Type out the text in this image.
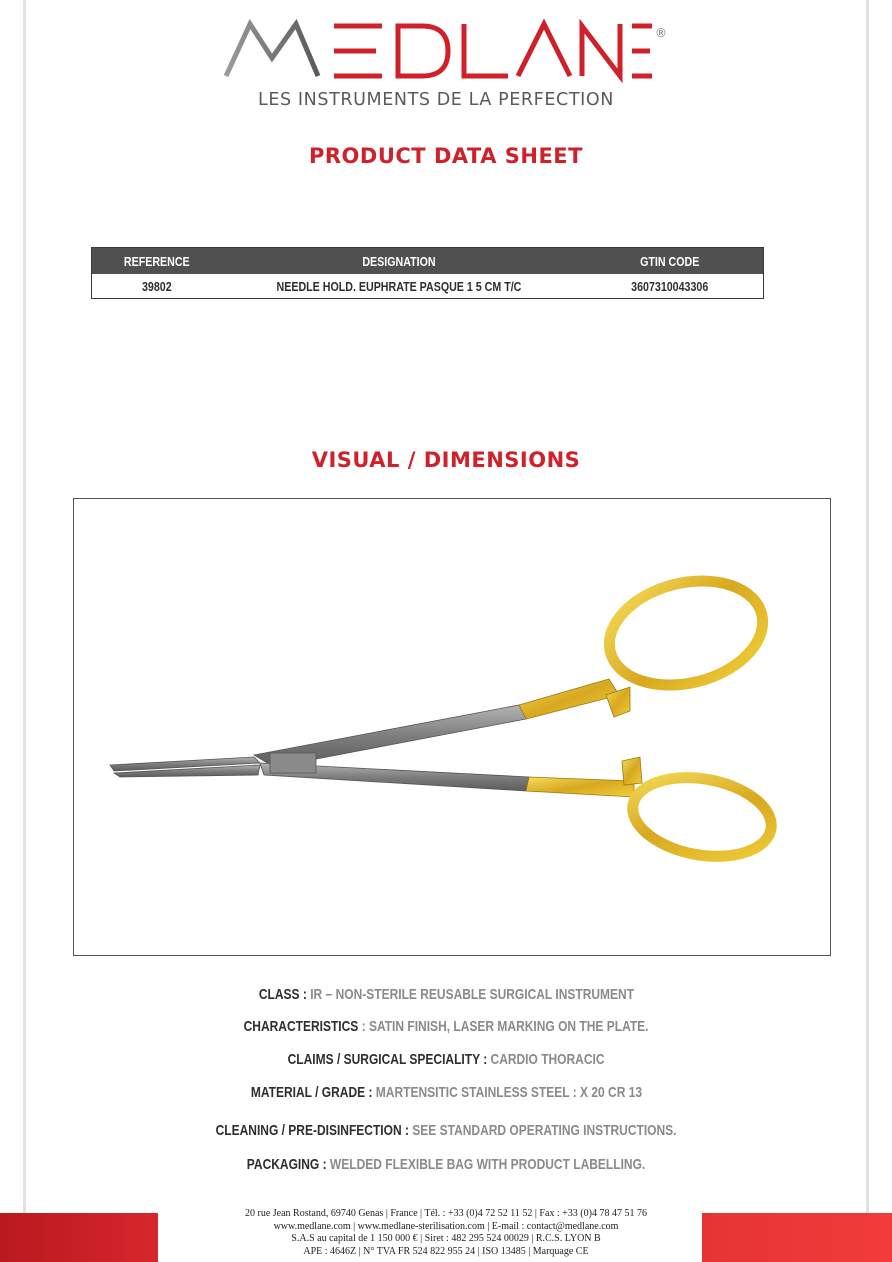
®
LES INSTRUMENTS DE LA PERFECTION
PRODUCT DATA SHEET
REFERENCE	DESIGNATION	GTIN CODE
39802	NEEDLE HOLD. EUPHRATE PASQUE 1 5 CM T/C	3607310043306
VISUAL / DIMENSIONS
CLASS : IR – NON-STERILE REUSABLE SURGICAL INSTRUMENT
CHARACTERISTICS : SATIN FINISH, LASER MARKING ON THE PLATE.
CLAIMS / SURGICAL SPECIALITY : CARDIO THORACIC
MATERIAL / GRADE : MARTENSITIC STAINLESS STEEL : X 20 CR 13
CLEANING / PRE-DISINFECTION : SEE STANDARD OPERATING INSTRUCTIONS.
PACKAGING : WELDED FLEXIBLE BAG WITH PRODUCT LABELLING.
20 rue Jean Rostand, 69740 Genas | France | Tél. : +33 (0)4 72 52 11 52 | Fax : +33 (0)4 78 47 51 76
www.medlane.com | www.medlane-sterilisation.com | E-mail : contact@medlane.com
S.A.S au capital de 1 150 000 € | Siret : 482 295 524 00029 | R.C.S. LYON B
APE : 4646Z | N° TVA FR 524 822 955 24 | ISO 13485 | Marquage CE
